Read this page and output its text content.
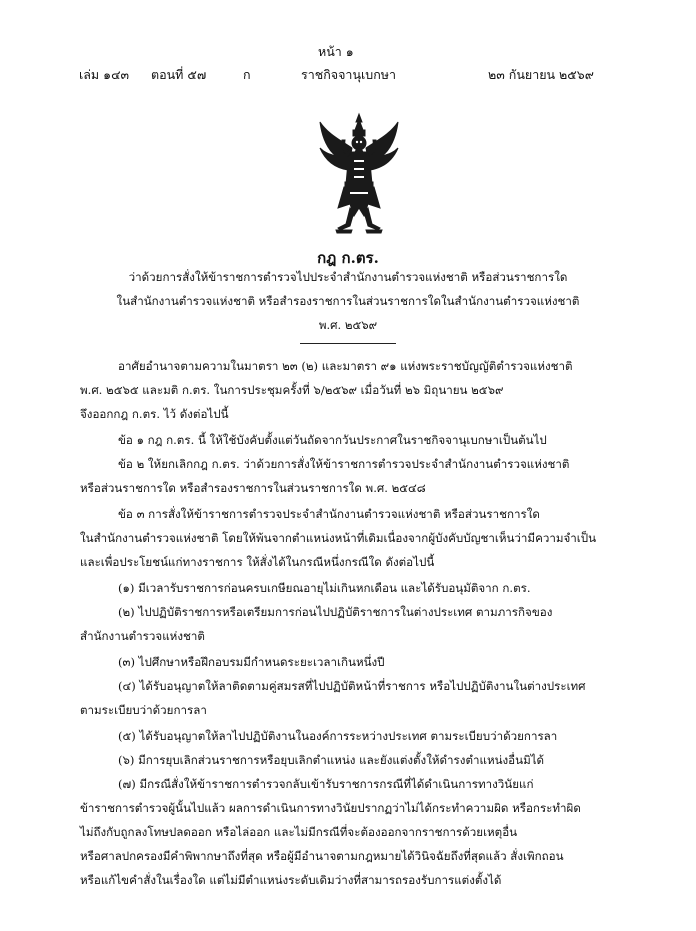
หน้า ๑
เล่ม ๑๔๓ ตอนที่ ๕๗	ก	ราชกิจจานุเบกษา	๒๓ กันยายน ๒๕๖๙
กฎ ก.ตร.
ว่าด้วยการสั่งให้ข้าราชการตำรวจไปประจำสำนักงานตำรวจแห่งชาติ หรือส่วนราชการใด
ในสำนักงานตำรวจแห่งชาติ หรือสำรองราชการในส่วนราชการใดในสำนักงานตำรวจแห่งชาติ
พ.ศ. ๒๕๖๙
อาศัยอำนาจตามความในมาตรา ๒๓ (๒) และมาตรา ๙๑ แห่งพระราชบัญญัติตำรวจแห่งชาติ
พ.ศ. ๒๕๖๕ และมติ ก.ตร. ในการประชุมครั้งที่ ๖/๒๕๖๙ เมื่อวันที่ ๒๖ มิถุนายน ๒๕๖๙
จึงออกกฎ ก.ตร. ไว้ ดังต่อไปนี้
ข้อ ๑ กฎ ก.ตร. นี้ ให้ใช้บังคับตั้งแต่วันถัดจากวันประกาศในราชกิจจานุเบกษาเป็นต้นไป
ข้อ ๒ ให้ยกเลิกกฎ ก.ตร. ว่าด้วยการสั่งให้ข้าราชการตำรวจประจำสำนักงานตำรวจแห่งชาติ
หรือส่วนราชการใด หรือสำรองราชการในส่วนราชการใด พ.ศ. ๒๕๔๘
ข้อ ๓ การสั่งให้ข้าราชการตำรวจประจำสำนักงานตำรวจแห่งชาติ หรือส่วนราชการใด
ในสำนักงานตำรวจแห่งชาติ โดยให้พ้นจากตำแหน่งหน้าที่เดิมเนื่องจากผู้บังคับบัญชาเห็นว่ามีความจำเป็น
และเพื่อประโยชน์แก่ทางราชการ ให้สั่งได้ในกรณีหนึ่งกรณีใด ดังต่อไปนี้
(๑) มีเวลารับราชการก่อนครบเกษียณอายุไม่เกินหกเดือน และได้รับอนุมัติจาก ก.ตร.
(๒) ไปปฏิบัติราชการหรือเตรียมการก่อนไปปฏิบัติราชการในต่างประเทศ ตามภารกิจของ
สำนักงานตำรวจแห่งชาติ
(๓) ไปศึกษาหรือฝึกอบรมมีกำหนดระยะเวลาเกินหนึ่งปี
(๔) ได้รับอนุญาตให้ลาติดตามคู่สมรสที่ไปปฏิบัติหน้าที่ราชการ หรือไปปฏิบัติงานในต่างประเทศ
ตามระเบียบว่าด้วยการลา
(๕) ได้รับอนุญาตให้ลาไปปฏิบัติงานในองค์การระหว่างประเทศ ตามระเบียบว่าด้วยการลา
(๖) มีการยุบเลิกส่วนราชการหรือยุบเลิกตำแหน่ง และยังแต่งตั้งให้ดำรงตำแหน่งอื่นมิได้
(๗) มีกรณีสั่งให้ข้าราชการตำรวจกลับเข้ารับราชการกรณีที่ได้ดำเนินการทางวินัยแก่
ข้าราชการตำรวจผู้นั้นไปแล้ว ผลการดำเนินการทางวินัยปรากฏว่าไม่ได้กระทำความผิด หรือกระทำผิด
ไม่ถึงกับถูกลงโทษปลดออก หรือไล่ออก และไม่มีกรณีที่จะต้องออกจากราชการด้วยเหตุอื่น
หรือศาลปกครองมีคำพิพากษาถึงที่สุด หรือผู้มีอำนาจตามกฎหมายได้วินิจฉัยถึงที่สุดแล้ว สั่งเพิกถอน
หรือแก้ไขคำสั่งในเรื่องใด แต่ไม่มีตำแหน่งระดับเดิมว่างที่สามารถรองรับการแต่งตั้งได้
